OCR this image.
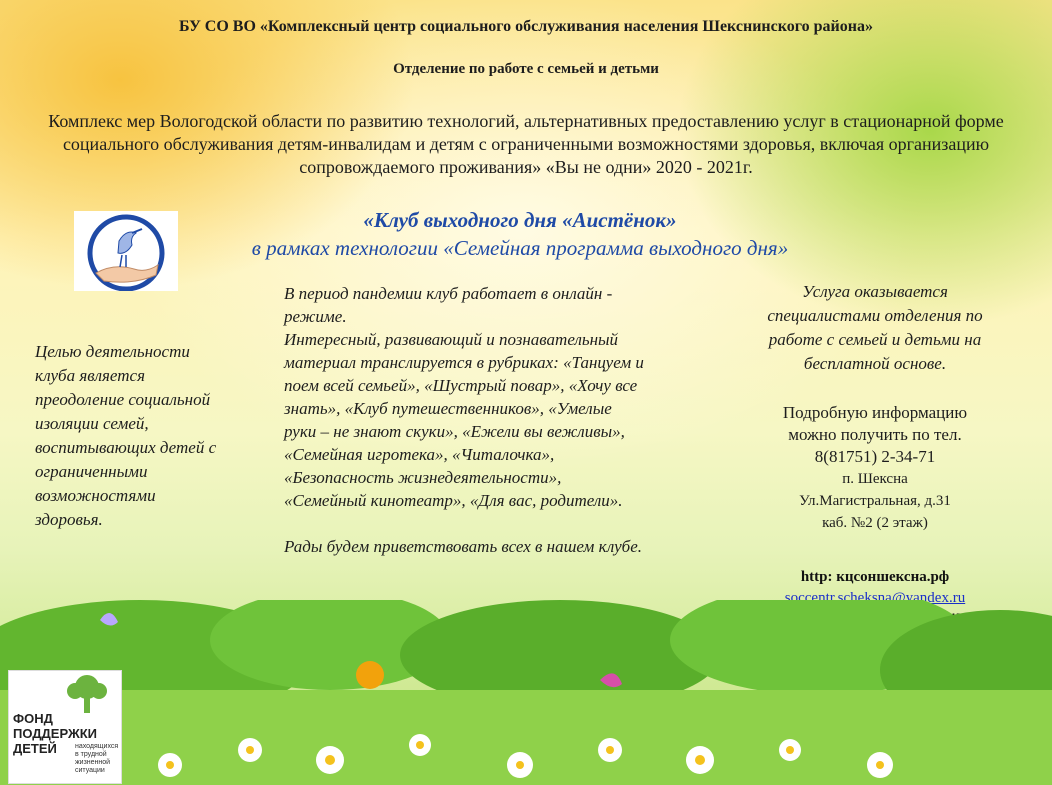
БУ СО ВО «Комплексный центр социального обслуживания населения Шекснинского района»
Отделение по работе с семьей и детьми
Комплекс мер Вологодской области по развитию технологий, альтернативных предоставлению услуг в стационарной форме социального обслуживания детям-инвалидам и детям с ограниченными возможностями здоровья, включая организацию сопровождаемого проживания» «Вы не одни» 2020 - 2021г.
«Клуб выходного дня «Аистёнок»
в рамках технологии «Семейная программа выходного дня»
Целью деятельности
клуба является
преодоление социальной
изоляции семей,
воспитывающих детей с
ограниченными
возможностями
здоровья.
В период пандемии клуб работает в онлайн -
режиме.
Интересный, развивающий и познавательный
материал транслируется в рубриках: «Танцуем и
поем всей семьей», «Шустрый повар», «Хочу все
знать», «Клуб путешественников», «Умелые
руки – не знают скуки», «Ежели вы вежливы»,
«Семейная игротека», «Читалочка»,
«Безопасность жизнедеятельности»,
«Семейный кинотеатр», «Для вас, родители».

Рады будем приветствовать всех в нашем клубе.
Услуга оказывается
специалистами отделения по
работе с семьей и детьми на
бесплатной основе.
Подробную информацию
можно получить по тел.
8(81751) 2-34-71
п. Шексна
Ул.Магистральная, д.31
каб. №2 (2 этаж)
http: кцсоншексна.рф
soccentr.scheksna@yandex.ru
ФОНД
ПОДДЕРЖКИ
ДЕТЕЙ	находящихся в трудной жизненной ситуации
